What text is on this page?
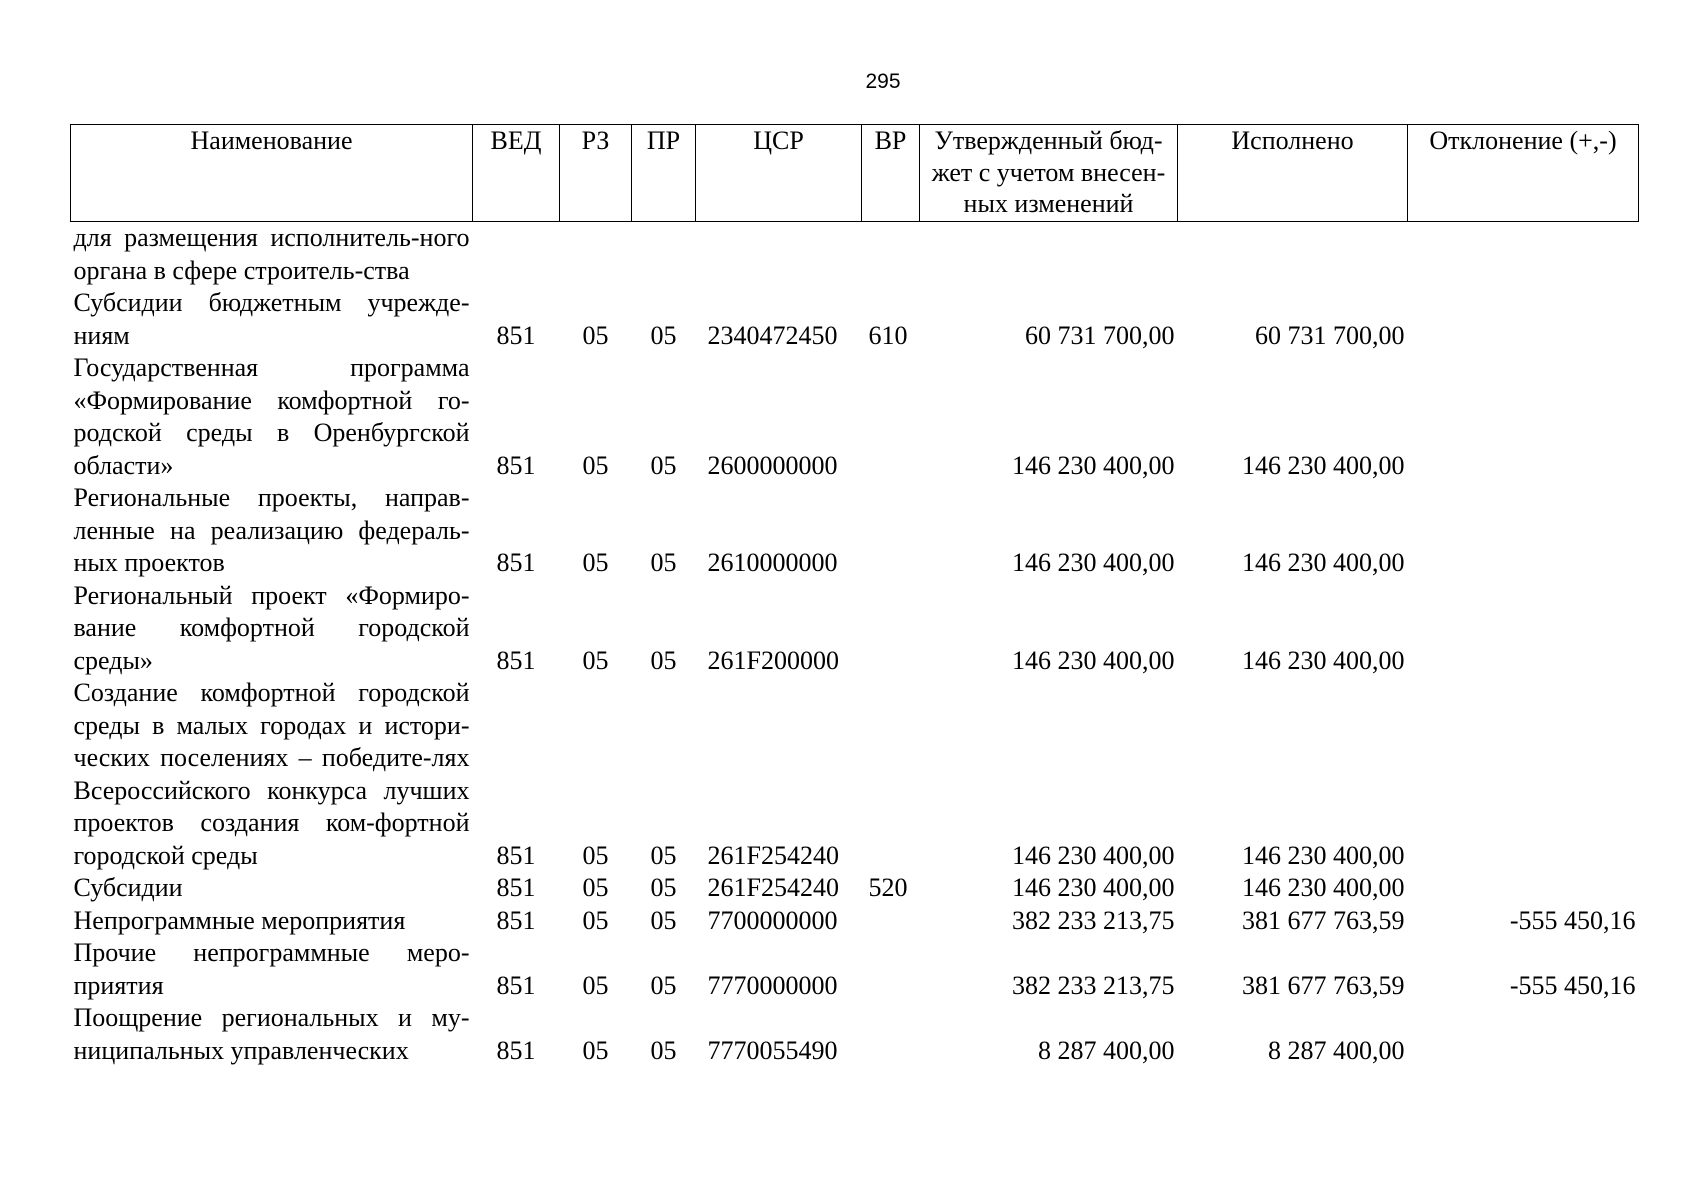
295
Наименование	ВЕД	РЗ	ПР	ЦСР	ВР	Утвержденный бюд-жет с учетом внесен-ных изменений	Исполнено	Отклонение (+,-)
для размещения исполнитель-ного органа в сфере строитель-ства								
Субсидии бюджетным учрежде-ниям	851	05	05	2340472450	610	60 731 700,00	60 731 700,00	
Государственная программа «Формирование комфортной го-родской среды в Оренбургской области»	851	05	05	2600000000		146 230 400,00	146 230 400,00	
Региональные проекты, направ-ленные на реализацию федераль-ных проектов	851	05	05	2610000000		146 230 400,00	146 230 400,00	
Региональный проект «Формиро-вание комфортной городской среды»	851	05	05	261F200000		146 230 400,00	146 230 400,00	
Создание комфортной городской среды в малых городах и истори-ческих поселениях – победите-лях Всероссийского конкурса лучших проектов создания ком-фортной городской среды	851	05	05	261F254240		146 230 400,00	146 230 400,00	
Субсидии	851	05	05	261F254240	520	146 230 400,00	146 230 400,00	
Непрограммные мероприятия	851	05	05	7700000000		382 233 213,75	381 677 763,59	-555 450,16
Прочие непрограммные меро-приятия	851	05	05	7770000000		382 233 213,75	381 677 763,59	-555 450,16
Поощрение региональных и му-ниципальных управленческих	851	05	05	7770055490		8 287 400,00	8 287 400,00	
